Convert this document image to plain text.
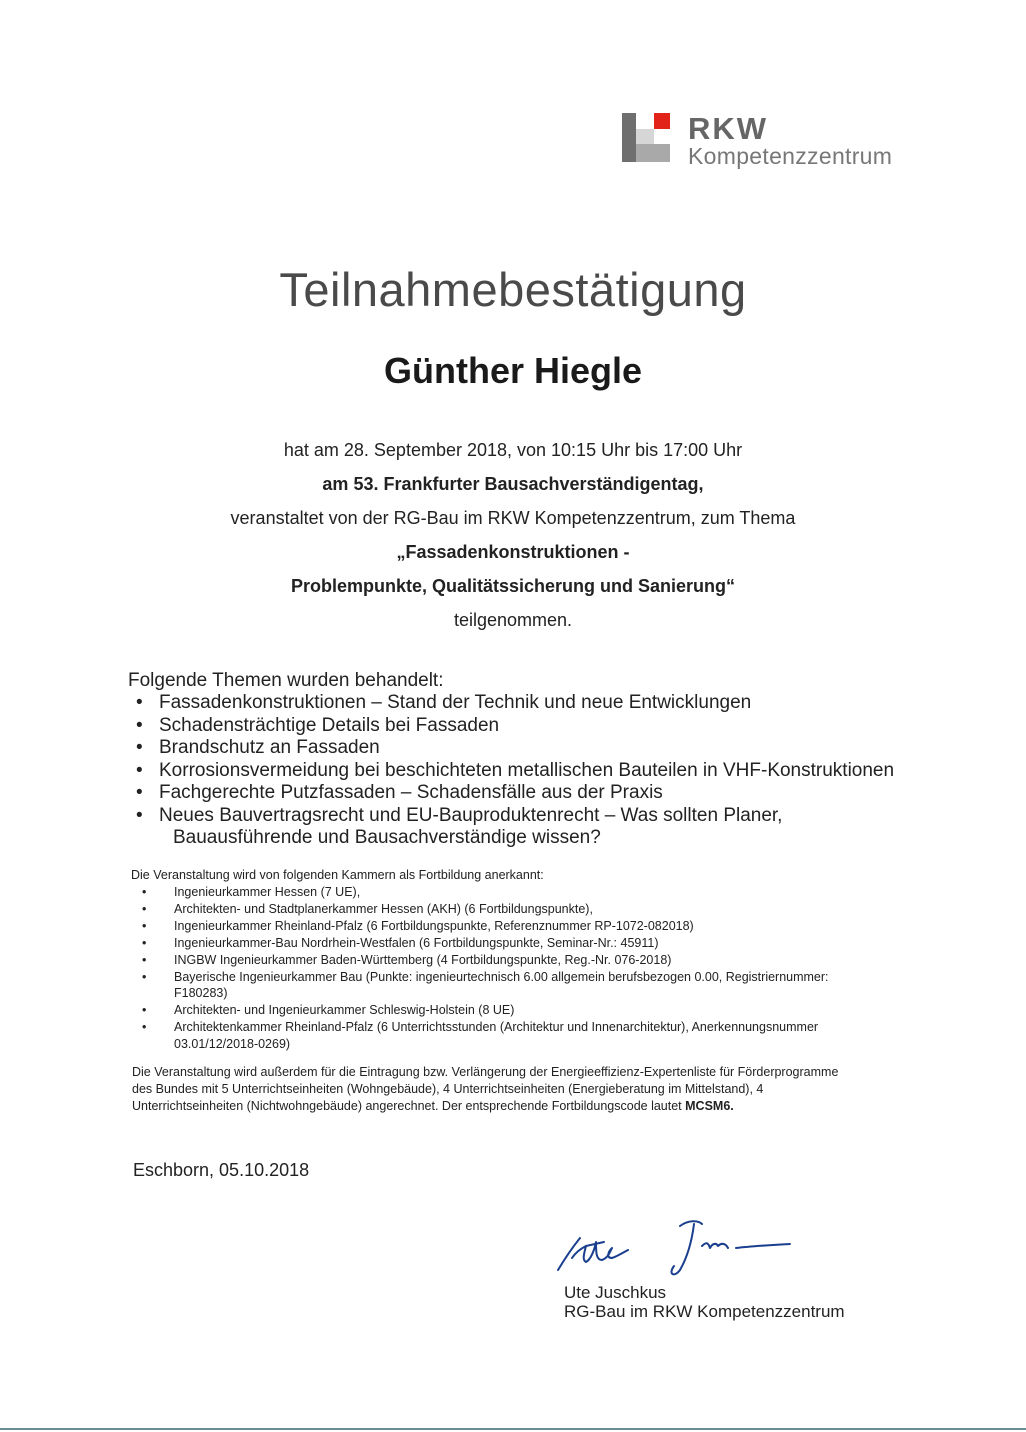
RKW
Kompetenzzentrum
Teilnahmebestätigung
Günther Hiegle
hat am 28. September 2018, von 10:15 Uhr bis 17:00 Uhr
am 53. Frankfurter Bausachverständigentag,
veranstaltet von der RG-Bau im RKW Kompetenzzentrum, zum Thema
„Fassadenkonstruktionen -
Problempunkte, Qualitätssicherung und Sanierung“
teilgenommen.
Folgende Themen wurden behandelt:
• Fassadenkonstruktionen – Stand der Technik und neue Entwicklungen
• Schadensträchtige Details bei Fassaden
• Brandschutz an Fassaden
• Korrosionsvermeidung bei beschichteten metallischen Bauteilen in VHF-Konstruktionen
• Fachgerechte Putzfassaden – Schadensfälle aus der Praxis
• Neues Bauvertragsrecht und EU-Bauproduktenrecht – Was sollten Planer,
Bauausführende und Bausachverständige wissen?
Die Veranstaltung wird von folgenden Kammern als Fortbildung anerkannt:
• Ingenieurkammer Hessen (7 UE),
• Architekten- und Stadtplanerkammer Hessen (AKH) (6 Fortbildungspunkte),
• Ingenieurkammer Rheinland-Pfalz (6 Fortbildungspunkte, Referenznummer RP-1072-082018)
• Ingenieurkammer-Bau Nordrhein-Westfalen (6 Fortbildungspunkte, Seminar-Nr.: 45911)
• INGBW Ingenieurkammer Baden-Württemberg (4 Fortbildungspunkte, Reg.-Nr. 076-2018)
• Bayerische Ingenieurkammer Bau (Punkte: ingenieurtechnisch 6.00 allgemein berufsbezogen 0.00, Registriernummer:
F180283)
• Architekten- und Ingenieurkammer Schleswig-Holstein (8 UE)
• Architektenkammer Rheinland-Pfalz (6 Unterrichtsstunden (Architektur und Innenarchitektur), Anerkennungsnummer
03.01/12/2018-0269)
Die Veranstaltung wird außerdem für die Eintragung bzw. Verlängerung der Energieeffizienz-Expertenliste für Förderprogramme
des Bundes mit 5 Unterrichtseinheiten (Wohngebäude), 4 Unterrichtseinheiten (Energieberatung im Mittelstand), 4
Unterrichtseinheiten (Nichtwohngebäude) angerechnet. Der entsprechende Fortbildungscode lautet MCSM6.
Eschborn, 05.10.2018
Ute Juschkus
RG-Bau im RKW Kompetenzzentrum
